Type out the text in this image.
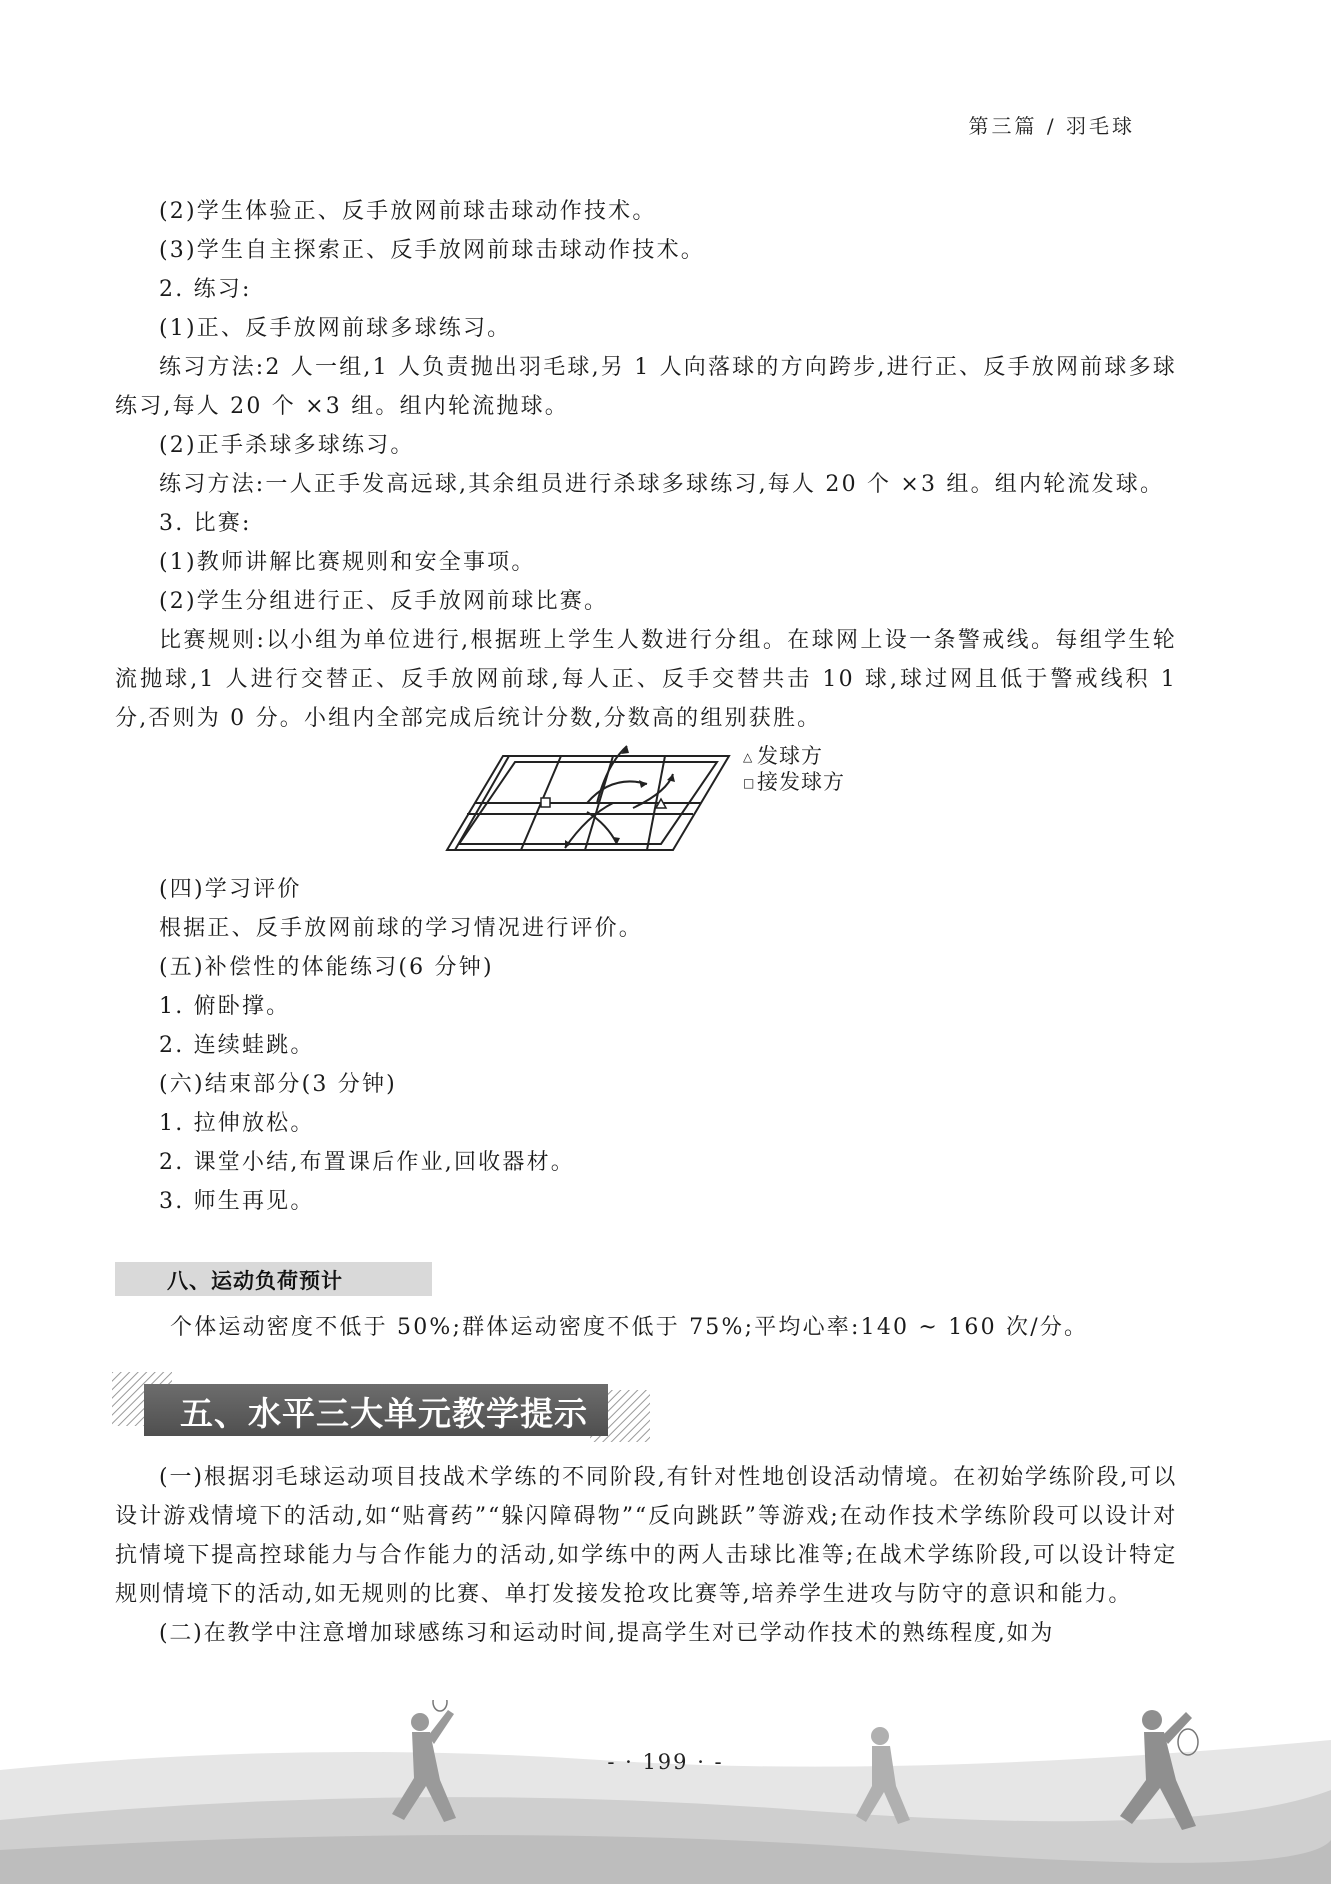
第三篇 / 羽毛球

(2)学生体验正、反手放网前球击球动作技术。

(3)学生自主探索正、反手放网前球击球动作技术。

2. 练习:

(1)正、反手放网前球多球练习。

练习方法:2 人一组,1 人负责抛出羽毛球,另 1 人向落球的方向跨步,进行正、反手放网前球多球练习,每人 20 个 ×3 组。组内轮流抛球。

(2)正手杀球多球练习。

练习方法:一人正手发高远球,其余组员进行杀球多球练习,每人 20 个 ×3 组。组内轮流发球。

3. 比赛:

(1)教师讲解比赛规则和安全事项。

(2)学生分组进行正、反手放网前球比赛。

比赛规则:以小组为单位进行,根据班上学生人数进行分组。在球网上设一条警戒线。每组学生轮流抛球,1 人进行交替正、反手放网前球,每人正、反手交替共击 10 球,球过网且低于警戒线积 1 分,否则为 0 分。小组内全部完成后统计分数,分数高的组别获胜。

△ 发球方
□接发球方

(四)学习评价

根据正、反手放网前球的学习情况进行评价。

(五)补偿性的体能练习(6 分钟)

1. 俯卧撑。

2. 连续蛙跳。

(六)结束部分(3 分钟)

1. 拉伸放松。

2. 课堂小结,布置课后作业,回收器材。

3. 师生再见。

八、运动负荷预计
个体运动密度不低于 50%;群体运动密度不低于 75%;平均心率:140 ~ 160 次/分。
五、水平三大单元教学提示

(一)根据羽毛球运动项目技战术学练的不同阶段,有针对性地创设活动情境。在初始学练阶段,可以设计游戏情境下的活动,如“贴膏药”“躲闪障碍物”“反向跳跃”等游戏;在动作技术学练阶段可以设计对抗情境下提高控球能力与合作能力的活动,如学练中的两人击球比准等;在战术学练阶段,可以设计特定规则情境下的活动,如无规则的比赛、单打发接发抢攻比赛等,培养学生进攻与防守的意识和能力。

(二)在教学中注意增加球感练习和运动时间,提高学生对已学动作技术的熟练程度,如为

- · 199 · -
